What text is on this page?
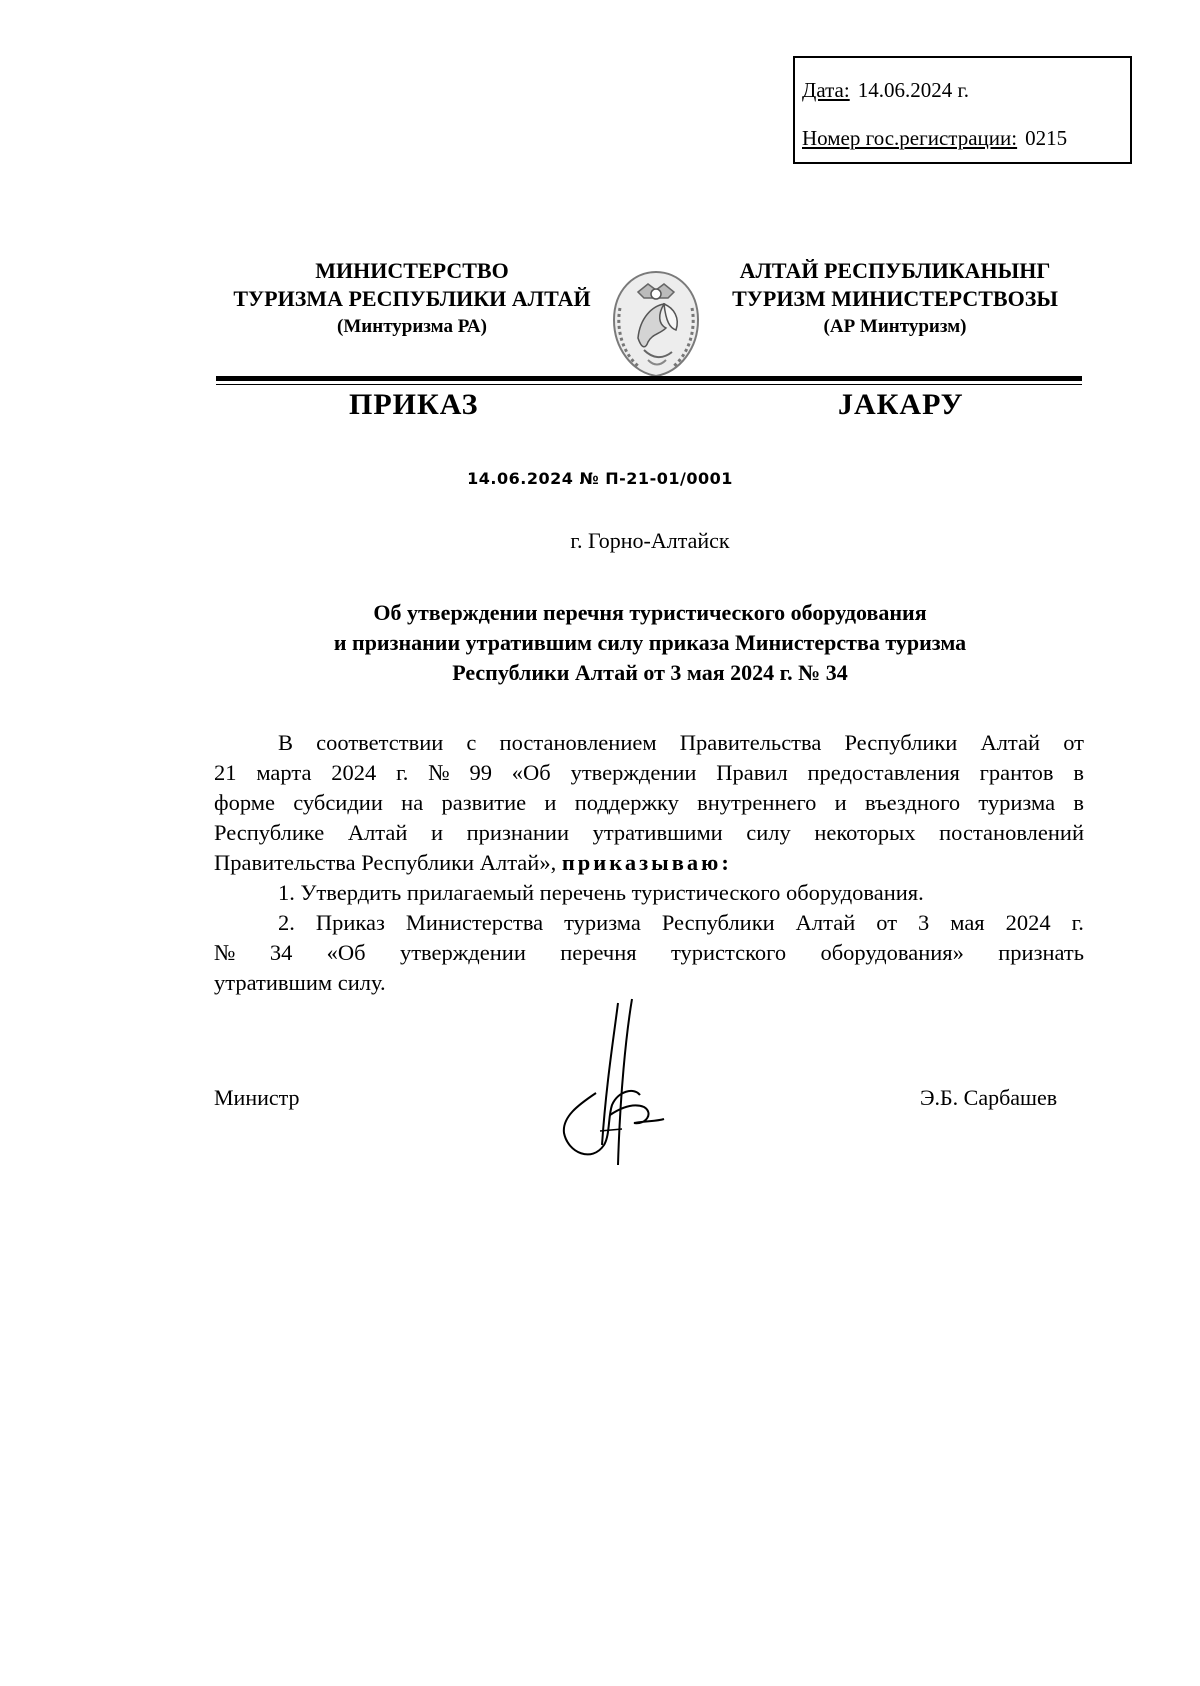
Дата: 14.06.2024 г.
Номер гос.регистрации: 0215
МИНИСТЕРСТВО
ТУРИЗМА РЕСПУБЛИКИ АЛТАЙ
(Минтуризма РА)
АЛТАЙ РЕСПУБЛИКАНЫНГ
ТУРИЗМ МИНИСТЕРСТВОЗЫ
(АР Минтуризм)
ПРИКАЗ	JАКАРУ
14.06.2024 № П-21-01/0001
г. Горно-Алтайск
Об утверждении перечня туристического оборудования
и признании утратившим силу приказа Министерства туризма
Республики Алтай от 3 мая 2024 г. № 34
В соответствии с постановлением Правительства Республики Алтай от
21 марта 2024 г. № 99 «Об утверждении Правил предоставления грантов в
форме субсидии на развитие и поддержку внутреннего и въездного туризма в
Республике Алтай и признании утратившими силу некоторых постановлений
Правительства Республики Алтай»,
приказываю:
1. Утвердить прилагаемый перечень туристического оборудования.
2. Приказ Министерства туризма Республики Алтай от 3 мая 2024 г.
№ 34 «Об утверждении перечня туристского оборудования» признать
утратившим силу.
Министр	Э.Б. Сарбашев
